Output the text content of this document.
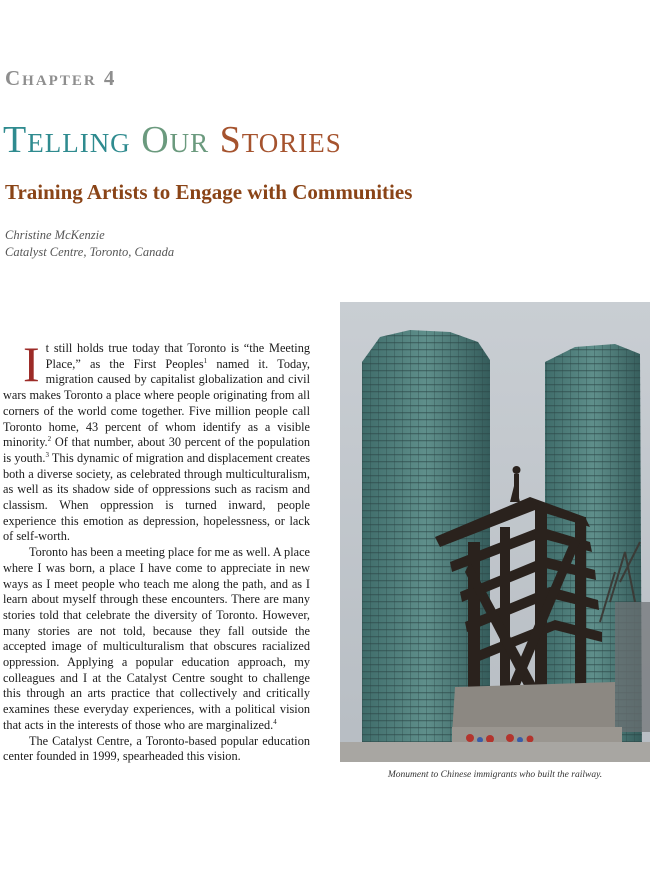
Chapter 4
TELLING OUR STORIES
Training Artists to Engage with Communities
Christine McKenzie
Catalyst Centre, Toronto, Canada

It still holds true today that Toronto is “the Meeting Place,” as the First Peoples$^1$ named it. Today, migration caused by capitalist globalization and civil wars makes Toronto a place where people originating from all corners of the world come together. Five million people call Toronto home, 43 percent of whom identify as a visible minority.$^2$ Of that number, about 30 percent of the population is youth.$^3$ This dynamic of migration and displacement creates both a diverse society, as celebrated through multiculturalism, as well as its shadow side of oppressions such as racism and classism. When oppression is turned inward, people experience this emotion as depression, hopelessness, or lack of self-worth.

Toronto has been a meeting place for me as well. A place where I was born, a place I have come to appreciate in new ways as I meet people who teach me along the path, and as I learn about myself through these encounters. There are many stories told that celebrate the diversity of Toronto. However, many stories are not told, because they fall outside the accepted image of multiculturalism that obscures racialized oppression. Applying a popular education approach, my colleagues and I at the Catalyst Centre sought to challenge this through an arts practice that collectively and critically examines these everyday experiences, with a political vision that acts in the interests of those who are marginalized.$^4$

The Catalyst Centre, a Toronto-based popular education center founded in 1999, spearheaded this vision.

Monument to Chinese immigrants who built the railway.
